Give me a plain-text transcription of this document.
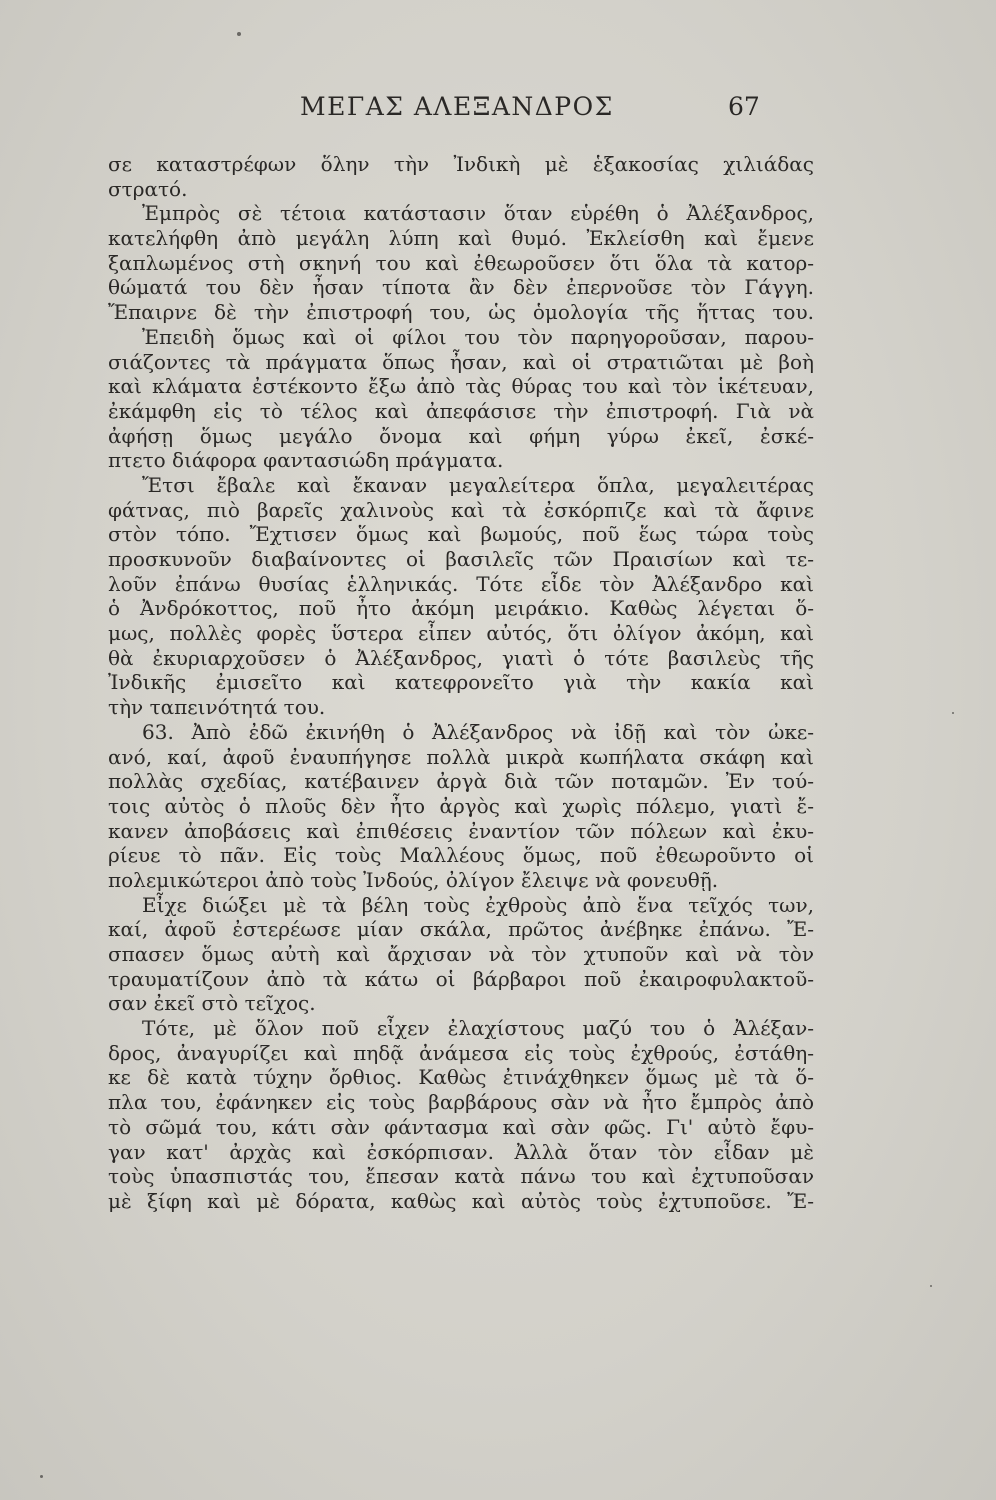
ΜΕΓΑΣ ΑΛΕΞΑΝΔΡΟΣ	67
σε καταστρέφων ὅλην τὴν Ἰνδικὴ μὲ ἑξακοσίας χιλιάδας
στρατό.
Ἐμπρὸς σὲ τέτοια κατάστασιν ὅταν εὑρέθη ὁ Ἀλέξανδρος,
κατελήφθη ἀπὸ μεγάλη λύπη καὶ θυμό. Ἐκλείσθη καὶ ἔμενε
ξαπλωμένος στὴ σκηνή του καὶ ἐθεωροῦσεν ὅτι ὅλα τὰ κατορ-
θώματά του δὲν ἦσαν τίποτα ἂν δὲν ἐπερνοῦσε τὸν Γάγγη.
Ἔπαιρνε δὲ τὴν ἐπιστροφή του, ὡς ὁμολογία τῆς ἥττας του.
Ἐπειδὴ ὅμως καὶ οἱ φίλοι του τὸν παρηγοροῦσαν, παρου-
σιάζοντες τὰ πράγματα ὅπως ἦσαν, καὶ οἱ στρατιῶται μὲ βοὴ
καὶ κλάματα ἐστέκοντο ἔξω ἀπὸ τὰς θύρας του καὶ τὸν ἱκέτευαν,
ἐκάμφθη εἰς τὸ τέλος καὶ ἀπεφάσισε τὴν ἐπιστροφή. Γιὰ νὰ
ἀφήσῃ ὅμως μεγάλο ὄνομα καὶ φήμη γύρω ἐκεῖ, ἐσκέ-
πτετο διάφορα φαντασιώδη πράγματα.
Ἔτσι ἔβαλε καὶ ἔκαναν μεγαλείτερα ὅπλα, μεγαλειτέρας
φάτνας, πιὸ βαρεῖς χαλινοὺς καὶ τὰ ἐσκόρπιζε καὶ τὰ ἄφινε
στὸν τόπο. Ἔχτισεν ὅμως καὶ βωμούς, ποῦ ἕως τώρα τοὺς
προσκυνοῦν διαβαίνοντες οἱ βασιλεῖς τῶν Πραισίων καὶ τε-
λοῦν ἐπάνω θυσίας ἑλληνικάς. Τότε εἶδε τὸν Ἀλέξανδρο καὶ
ὁ Ἀνδρόκοττος, ποῦ ἦτο ἀκόμη μειράκιο. Καθὼς λέγεται ὅ-
μως, πολλὲς φορὲς ὕστερα εἶπεν αὐτός, ὅτι ὀλίγον ἀκόμη, καὶ
θὰ ἐκυριαρχοῦσεν ὁ Ἀλέξανδρος, γιατὶ ὁ τότε βασιλεὺς τῆς
Ἰνδικῆς ἐμισεῖτο καὶ κατεφρονεῖτο γιὰ τὴν κακία καὶ
τὴν ταπεινότητά του.
63. Ἀπὸ ἐδῶ ἐκινήθη ὁ Ἀλέξανδρος νὰ ἰδῇ καὶ τὸν ὠκε-
ανό, καί, ἀφοῦ ἐναυπήγησε πολλὰ μικρὰ κωπήλατα σκάφη καὶ
πολλὰς σχεδίας, κατέβαινεν ἀργὰ διὰ τῶν ποταμῶν. Ἐν τού-
τοις αὐτὸς ὁ πλοῦς δὲν ἦτο ἀργὸς καὶ χωρὶς πόλεμο, γιατὶ ἔ-
κανεν ἀποβάσεις καὶ ἐπιθέσεις ἐναντίον τῶν πόλεων καὶ ἐκυ-
ρίευε τὸ πᾶν. Εἰς τοὺς Μαλλέους ὅμως, ποῦ ἐθεωροῦντο οἱ
πολεμικώτεροι ἀπὸ τοὺς Ἰνδούς, ὀλίγον ἔλειψε νὰ φονευθῇ.
Εἶχε διώξει μὲ τὰ βέλη τοὺς ἐχθροὺς ἀπὸ ἕνα τεῖχός των,
καί, ἀφοῦ ἐστερέωσε μίαν σκάλα, πρῶτος ἀνέβηκε ἐπάνω. Ἔ-
σπασεν ὅμως αὐτὴ καὶ ἄρχισαν νὰ τὸν χτυποῦν καὶ νὰ τὸν
τραυματίζουν ἀπὸ τὰ κάτω οἱ βάρβαροι ποῦ ἐκαιροφυλακτοῦ-
σαν ἐκεῖ στὸ τεῖχος.
Τότε, μὲ ὅλον ποῦ εἶχεν ἐλαχίστους μαζύ του ὁ Ἀλέξαν-
δρος, ἀναγυρίζει καὶ πηδᾷ ἀνάμεσα εἰς τοὺς ἐχθρούς, ἐστάθη-
κε δὲ κατὰ τύχην ὄρθιος. Καθὼς ἐτινάχθηκεν ὅμως μὲ τὰ ὅ-
πλα του, ἐφάνηκεν εἰς τοὺς βαρβάρους σὰν νὰ ἦτο ἔμπρὸς ἀπὸ
τὸ σῶμά του, κάτι σὰν φάντασμα καὶ σὰν φῶς. Γι' αὐτὸ ἔφυ-
γαν κατ' ἀρχὰς καὶ ἐσκόρπισαν. Ἀλλὰ ὅταν τὸν εἶδαν μὲ
τοὺς ὑπασπιστάς του, ἔπεσαν κατὰ πάνω του καὶ ἐχτυποῦσαν
μὲ ξίφη καὶ μὲ δόρατα, καθὼς καὶ αὐτὸς τοὺς ἐχτυποῦσε. Ἔ-
